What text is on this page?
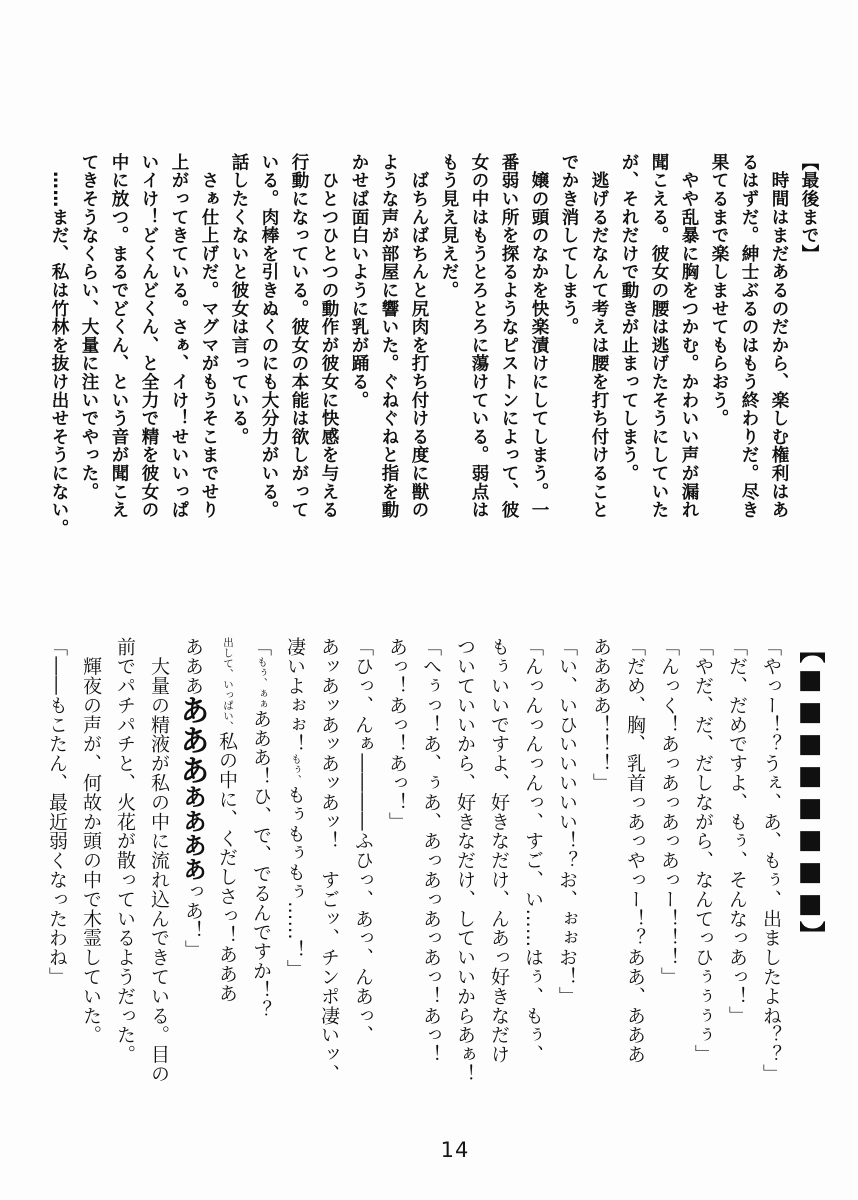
【最後まで】
　時間はまだあるのだから、楽しむ権利はあ
るはずだ。紳士ぶるのはもう終わりだ。尽き
果てるまで楽しませてもらおう。
　やや乱暴に胸をつかむ。かわいい声が漏れ
聞こえる。彼女の腰は逃げたそうにしていた
が、それだけで動きが止まってしまう。
　逃げるだなんて考えは腰を打ち付けること
でかき消してしまう。
　嬢の頭のなかを快楽漬けにしてしまう。一
番弱い所を探るようなピストンによって、彼
女の中はもうとろとろに蕩けている。弱点は
もう見え見えだ。
　ばちんばちんと尻肉を打ち付ける度に獣の
ような声が部屋に響いた。ぐねぐねと指を動
かせば面白いように乳が踊る。
　ひとつひとつの動作が彼女に快感を与える
行動になっている。彼女の本能は欲しがって
いる。肉棒を引きぬくのにも大分力がいる。
話したくないと彼女は言っている。
　さぁ仕上げだ。マグマがもうそこまでせり
上がってきている。さぁ、イけ！せいいっぱ
いイけ！どくんどくん、と全力で精を彼女の
中に放つ。まるでどくん、という音が聞こえ
てきそうなくらい、大量に注いでやった。
　……まだ、私は竹林を抜け出せそうにない。
【■■■■■■■■】
「やっー！？うぇ、あ、もぅ、出ましたよね？？」
「だ、だめですよ、もぅ、そんなっあっ！」
「やだ、だ、だしながら、なんてっひぅぅぅぅ」
「んっく！あっあっあっあっー！！！」
「だめ、胸、乳首っあっやっー！？ああ、あああ
ああああ！！！」
「い、いひいいいいい！？お、ぉぉお！」
「んっんっんっんっ、すご、い……はぅ、もぅ、
もぅいいですよ、好きなだけ、んあっ好きなだけ
ついていいから、好きなだけ、していいからあぁ！
「へぅっ！あ、ぅあ、あっあっあっあっ！あっ！
あっ！あっ！あっ！」
「ひっ、んぁ――――ふひっ、あっ、んあっ、
あッあッあッあッあッ！　すごッ、チンポ凄いッ、
凄いよぉぉ！もぅ、もぅもぅもぅ……！」
「もぅ、ぁぁあああ！ひ、で、でるんですか！？
出して、いっぱい、私の中に、くだしさっ！あああ
ああああああああああっあ！」
　大量の精液が私の中に流れ込んできている。目の
前でパチパチと、火花が散っているようだった。
　輝夜の声が、何故か頭の中で木霊していた。
「――もこたん、最近弱くなったわね」
14
